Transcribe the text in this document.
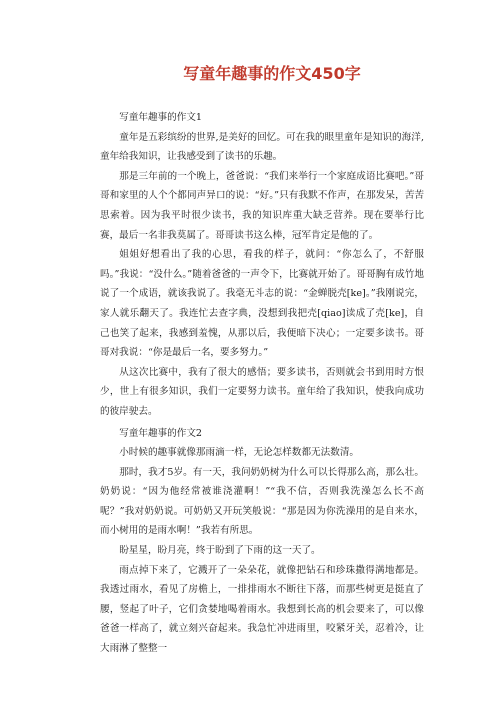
写童年趣事的作文450字

写童年趣事的作文1

童年是五彩缤纷的世界,是美好的回忆。可在我的眼里童年是知识的海洋,童年给我知识，让我感受到了读书的乐趣。

那是三年前的一个晚上，爸爸说：“我们来举行一个家庭成语比赛吧。”哥哥和家里的人个个都同声异口的说：“好。”只有我默不作声，在那发呆，苦苦思索着。因为我平时很少读书，我的知识库重大缺乏营养。现在要举行比赛，最后一名非我莫属了。哥哥读书这么棒，冠军肯定是他的了。

姐姐好想看出了我的心思，看我的样子，就问：“你怎么了，不舒服吗。”我说：“没什么。”随着爸爸的一声令下，比赛就开始了。哥哥胸有成竹地说了一个成语，就该我说了。我毫无斗志的说：“金蝉脱壳[ke]。”我刚说完，家人就乐翻天了。我连忙去查字典，没想到我把壳[qiao]读成了壳[ke]，自己也笑了起来，我感到羞愧，从那以后，我便暗下决心；一定要多读书。哥哥对我说：“你是最后一名，要多努力。”

从这次比赛中，我有了很大的感悟；要多读书，否则就会书到用时方恨少，世上有很多知识，我们一定要努力读书。童年给了我知识，使我向成功的彼岸驶去。

写童年趣事的作文2

小时候的趣事就像那雨滴一样，无论怎样数都无法数清。

那时，我才5岁。有一天，我问奶奶树为什么可以长得那么高，那么壮。奶奶说：“因为他经常被谁浇灌啊！”“我不信，否则我洗澡怎么长不高呢？”我对奶奶说。可奶奶又开玩笑般说：“那是因为你洗澡用的是自来水，而小树用的是雨水啊！”我若有所思。

盼星星，盼月亮，终于盼到了下雨的这一天了。

雨点掉下来了，它溅开了一朵朵花，就像把钻石和珍珠撒得满地都是。我透过雨水，看见了房檐上，一排排雨水不断往下落，而那些树更是挺直了腰，竖起了叶子，它们贪婪地喝着雨水。我想到长高的机会要来了，可以像爸爸一样高了，就立刻兴奋起来。我急忙冲进雨里，咬紧牙关，忍着冷，让大雨淋了整整一
